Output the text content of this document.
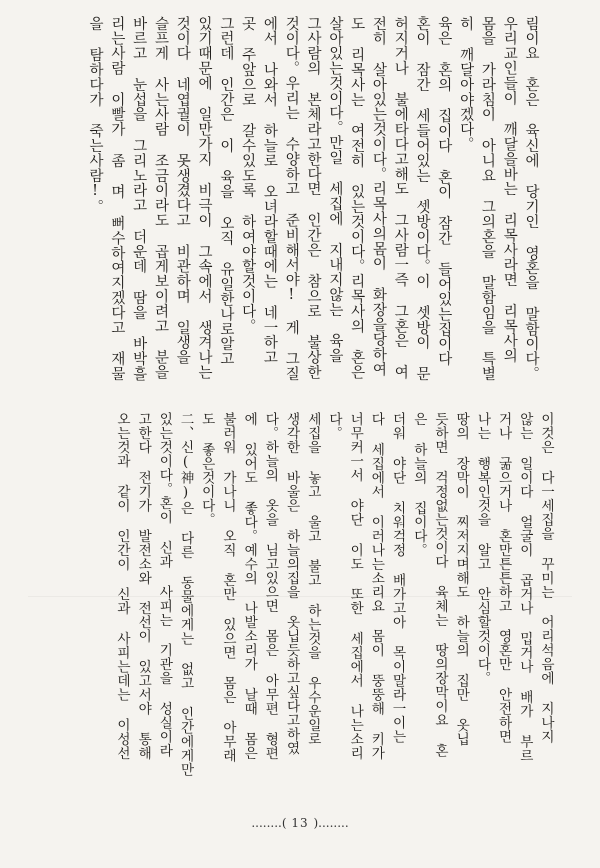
림이요 혼은 육신에 당기인 영혼을 말함이다。
우리교인들이 깨달을바는 리목사라면 리목사의
몸을 가라침이 아니요 그의혼을 말함임을 특별
히 깨달아야겠다。
육은 혼의 집이다 혼이 잠간 들어있는집이다
혼이 잠간 세들어있는 셋방이다。이 셋방이 문
허지거나 불에타다고해도 그사람一즉 그혼은 여
전히 살아있는것이다。리목사의몸이 화장을당하여
도 리목사는 여전히 있는것이다。리목사의 혼은
살아있는것이다。만일 세집에 지내지않는 육을
그사람의 본체라고한다면 인간은 참으로 불상한
것이다。우리는 수양하고 준비해서야! 게 그질
에서 나와서 하늘로 오녀라할때에는 네一하고
곳 주앞으로 갈수있도록 하여야할것이다。
그런데 인간은 이 육을 오직 유일한나로알고
있기때문에 일만가지 비극이 그속에서 생겨나는
것이다 네엽궐이 못생겼다고 비관하며 일생을
슬프게 사는사람 조금이라도 곱게보이려고 분을
바르고 눈섭을 그리노라고 더운데 땀을 바박흘
리는사람 이빨가 좀 며 뻐수하여지겠다고 재물
을 탐하다가 죽는사람!。
이것은 다一세집을 꾸미는 어리석음에 지나지
않는 일이다 얼굴이 곱거나 밉거나 배가 부르
거나 굶으거나 혼만튼튼하고 영혼만 안전하면
나는 행복인것을 알고 안심할것이다。
땅의 장막이 찌저지며해도 하늘의 집만 옷닙
듯하면 걱정없는것이다 육체는 땅의장막이요 혼
은 하늘의 집이다。
더워 야단 치워걱정 배가고아 목이말라一이는
다 세집에서 이러나는소리요 몸이 뚱뚱해 키가
너무커一서 야단 이도 또한 세집에서 나는소리
다。
세집을 놓고 울고 불고 하는것을 우수운일로
생각한 바울은 하늘의집을 옷닙듯하고싶다고하였
다。하늘의 옷을 님고있으면 몸은 아무편 형편
에 있어도 좋다。예수의 나발소리가 날때 몸은
불러워 가나니 오직 혼만 있으면 몸은 아무래
도 좋은것이다。
二、신(神)은 다른 동물에게는 없고 인간에게만
있는것이다。혼이 신과 사피는 기관을 성실이라
고한다 전기가 발전소와 전선이 있고서야 통해
오는것과 같이 인간이 신과 사피는데는 이성선
........( 13 )........
